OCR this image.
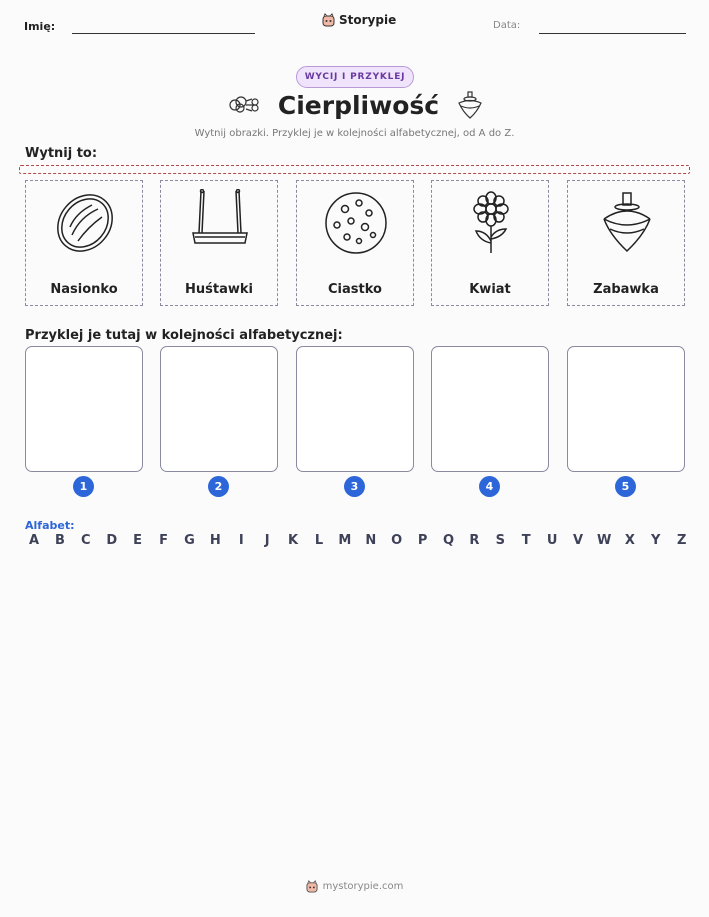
Imię:	Storypie	Data:
WYCIJ I PRZYKLEJ
Cierpliwość
Wytnij obrazki. Przyklej je w kolejności alfabetycznej, od A do Z.
Wytnij to:
Nasionko	Huśtawki	Ciastko	Kwiat	Zabawka
Przyklej je tutaj w kolejności alfabetycznej:
1	2	3	4	5
Alfabet:
A B C D E F G H	I	J	K L M N O P Q R S T U V W X Y Z
mystorypie.com
